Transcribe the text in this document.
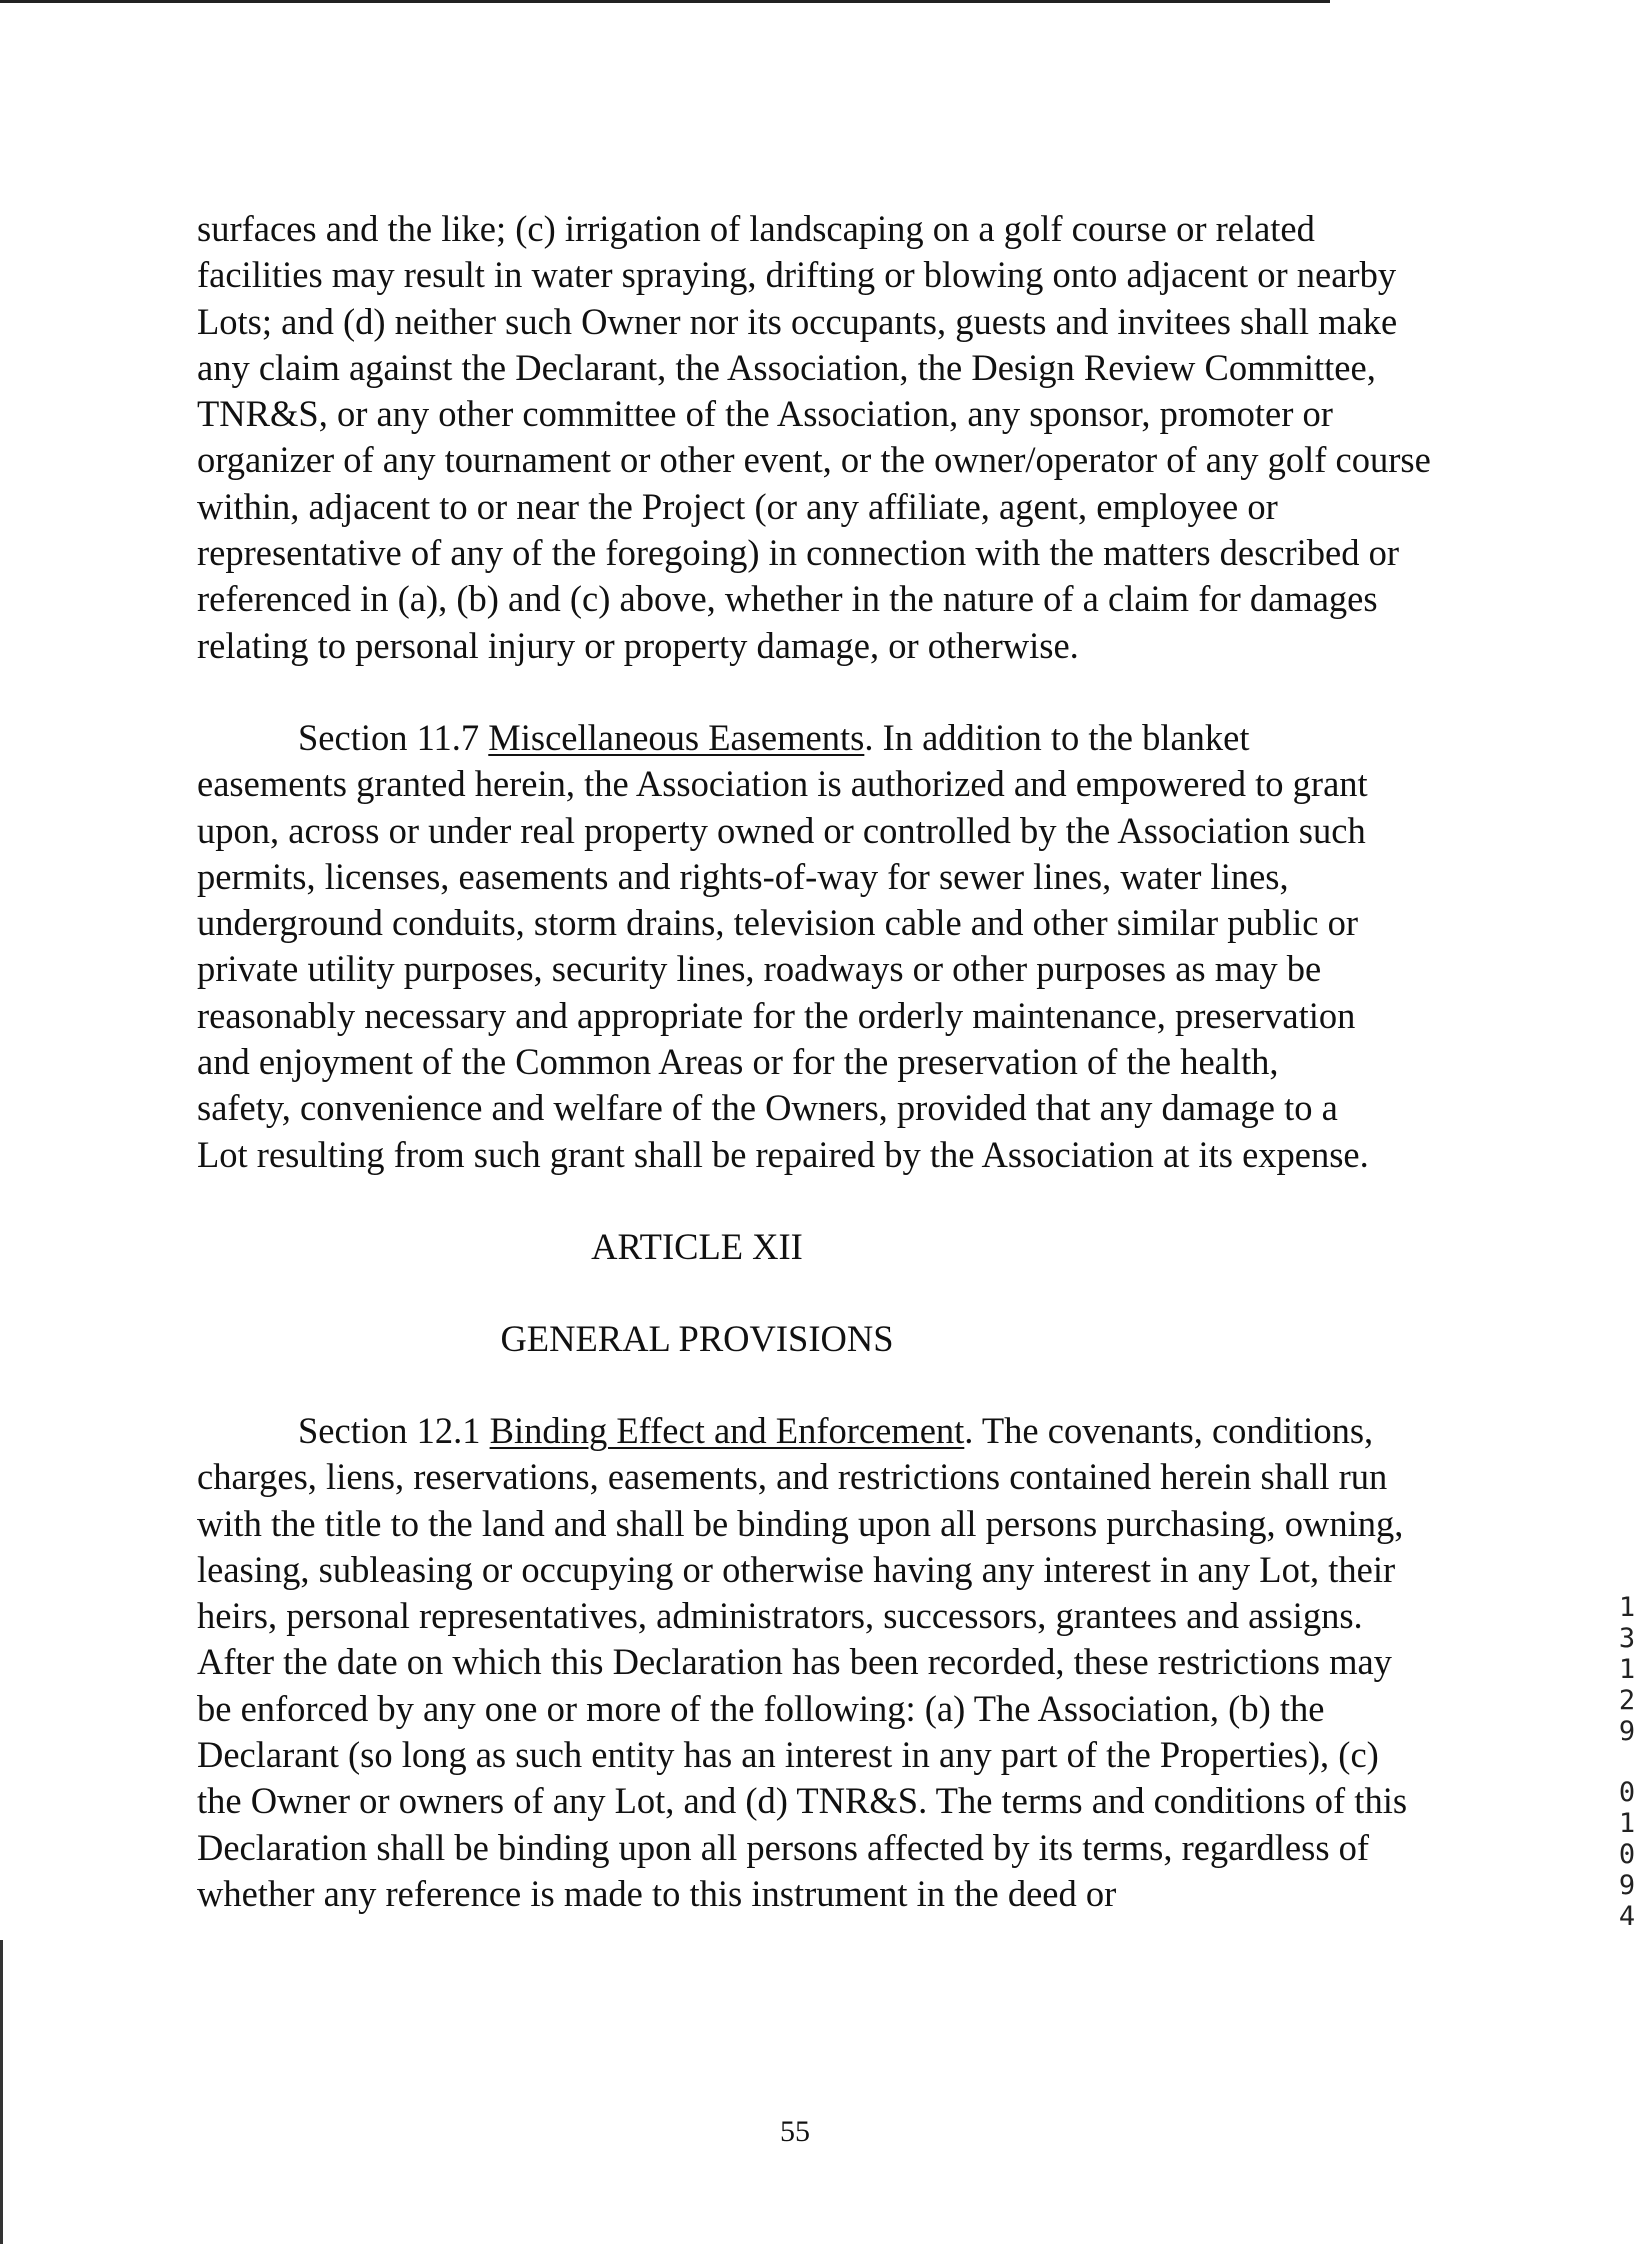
surfaces and the like; (c) irrigation of landscaping on a golf course or related facilities may result in water spraying, drifting or blowing onto adjacent or nearby Lots; and (d) neither such Owner nor its occupants, guests and invitees shall make any claim against the Declarant, the Association, the Design Review Committee, TNR&S, or any other committee of the Association, any sponsor, promoter or organizer of any tournament or other event, or the owner/operator of any golf course within, adjacent to or near the Project (or any affiliate, agent, employee or representative of any of the foregoing) in connection with the matters described or referenced in (a), (b) and (c) above, whether in the nature of a claim for damages relating to personal injury or property damage, or otherwise.

Section 11.7 Miscellaneous Easements. In addition to the blanket easements granted herein, the Association is authorized and empowered to grant upon, across or under real property owned or controlled by the Association such permits, licenses, easements and rights-of-way for sewer lines, water lines, underground conduits, storm drains, television cable and other similar public or private utility purposes, security lines, roadways or other purposes as may be reasonably necessary and appropriate for the orderly maintenance, preservation and enjoyment of the Common Areas or for the preservation of the health, safety, convenience and welfare of the Owners, provided that any damage to a Lot resulting from such grant shall be repaired by the Association at its expense.

ARTICLE XII

GENERAL PROVISIONS

Section 12.1 Binding Effect and Enforcement. The covenants, conditions, charges, liens, reservations, easements, and restrictions contained herein shall run with the title to the land and shall be binding upon all persons purchasing, owning, leasing, subleasing or occupying or otherwise having any interest in any Lot, their heirs, personal representatives, administrators, successors, grantees and assigns. After the date on which this Declaration has been recorded, these restrictions may be enforced by any one or more of the following: (a) The Association, (b) the Declarant (so long as such entity has an interest in any part of the Properties), (c) the Owner or owners of any Lot, and (d) TNR&S. The terms and conditions of this Declaration shall be binding upon all persons affected by its terms, regardless of whether any reference is made to this instrument in the deed or

55
13129
01094
